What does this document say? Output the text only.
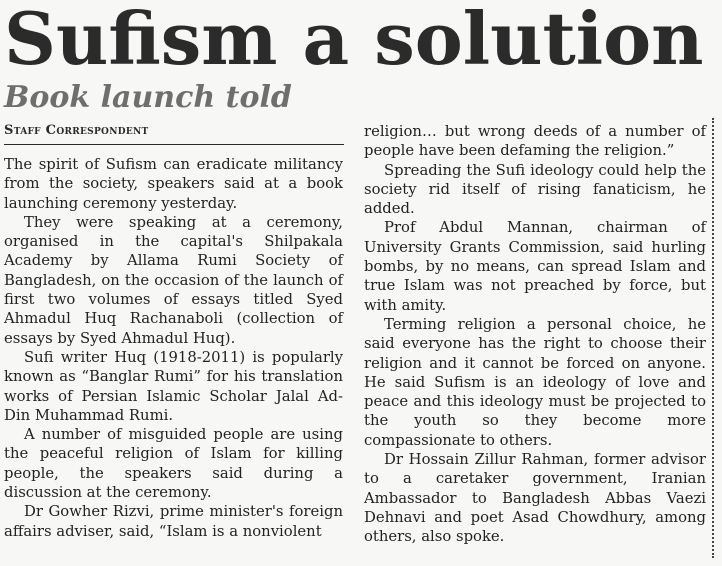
Sufism a solution
Book launch told
Staff Correspondent

The spirit of Sufism can eradicate militancy from the society, speakers said at a book launching ceremony yesterday.

They were speaking at a ceremony, organised in the capital's Shilpakala Academy by Allama Rumi Society of Bangladesh, on the occasion of the launch of first two volumes of essays titled Syed Ahmadul Huq Rachanaboli (collection of essays by Syed Ahmadul Huq).

Sufi writer Huq (1918-2011) is popularly known as “Banglar Rumi” for his translation works of Persian Islamic Scholar Jalal Ad-Din Muhammad Rumi.

A number of misguided people are using the peaceful religion of Islam for killing people, the speakers said during a discussion at the ceremony.

Dr Gowher Rizvi, prime minister's foreign affairs adviser, said, “Islam is a nonviolent

religion… but wrong deeds of a number of people have been defaming the religion.”

Spreading the Sufi ideology could help the society rid itself of rising fanaticism, he added.

Prof Abdul Mannan, chairman of University Grants Commission, said hurling bombs, by no means, can spread Islam and true Islam was not preached by force, but with amity.

Terming religion a personal choice, he said everyone has the right to choose their religion and it cannot be forced on anyone. He said Sufism is an ideology of love and peace and this ideology must be projected to the youth so they become more compassionate to others.

Dr Hossain Zillur Rahman, former advisor to a caretaker government, Iranian Ambassador to Bangladesh Abbas Vaezi Dehnavi and poet Asad Chowdhury, among others, also spoke.
